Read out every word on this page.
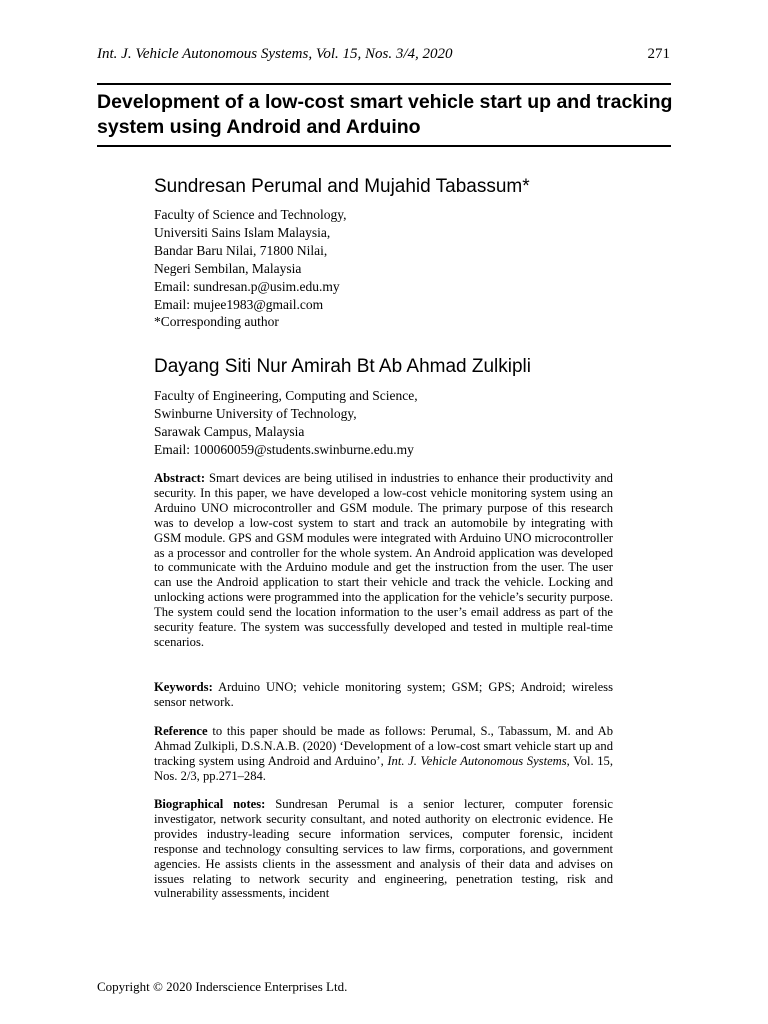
Int. J. Vehicle Autonomous Systems, Vol. 15, Nos. 3/4, 2020	271
Development of a low-cost smart vehicle start up and tracking system using Android and Arduino
Sundresan Perumal and Mujahid Tabassum*
Faculty of Science and Technology,
Universiti Sains Islam Malaysia,
Bandar Baru Nilai, 71800 Nilai,
Negeri Sembilan, Malaysia
Email: sundresan.p@usim.edu.my
Email: mujee1983@gmail.com
*Corresponding author
Dayang Siti Nur Amirah Bt Ab Ahmad Zulkipli
Faculty of Engineering, Computing and Science,
Swinburne University of Technology,
Sarawak Campus, Malaysia
Email: 100060059@students.swinburne.edu.my
Abstract: Smart devices are being utilised in industries to enhance their productivity and security. In this paper, we have developed a low-cost vehicle monitoring system using an Arduino UNO microcontroller and GSM module. The primary purpose of this research was to develop a low-cost system to start and track an automobile by integrating with GSM module. GPS and GSM modules were integrated with Arduino UNO microcontroller as a processor and controller for the whole system. An Android application was developed to communicate with the Arduino module and get the instruction from the user. The user can use the Android application to start their vehicle and track the vehicle. Locking and unlocking actions were programmed into the application for the vehicle’s security purpose. The system could send the location information to the user’s email address as part of the security feature. The system was successfully developed and tested in multiple real-time scenarios.
Keywords: Arduino UNO; vehicle monitoring system; GSM; GPS; Android; wireless sensor network.
Reference to this paper should be made as follows: Perumal, S., Tabassum, M. and Ab Ahmad Zulkipli, D.S.N.A.B. (2020) ‘Development of a low-cost smart vehicle start up and tracking system using Android and Arduino’, Int. J. Vehicle Autonomous Systems, Vol. 15, Nos. 2/3, pp.271–284.
Biographical notes: Sundresan Perumal is a senior lecturer, computer forensic investigator, network security consultant, and noted authority on electronic evidence. He provides industry-leading secure information services, computer forensic, incident response and technology consulting services to law firms, corporations, and government agencies. He assists clients in the assessment and analysis of their data and advises on issues relating to network security and engineering, penetration testing, risk and vulnerability assessments, incident
Copyright © 2020 Inderscience Enterprises Ltd.
